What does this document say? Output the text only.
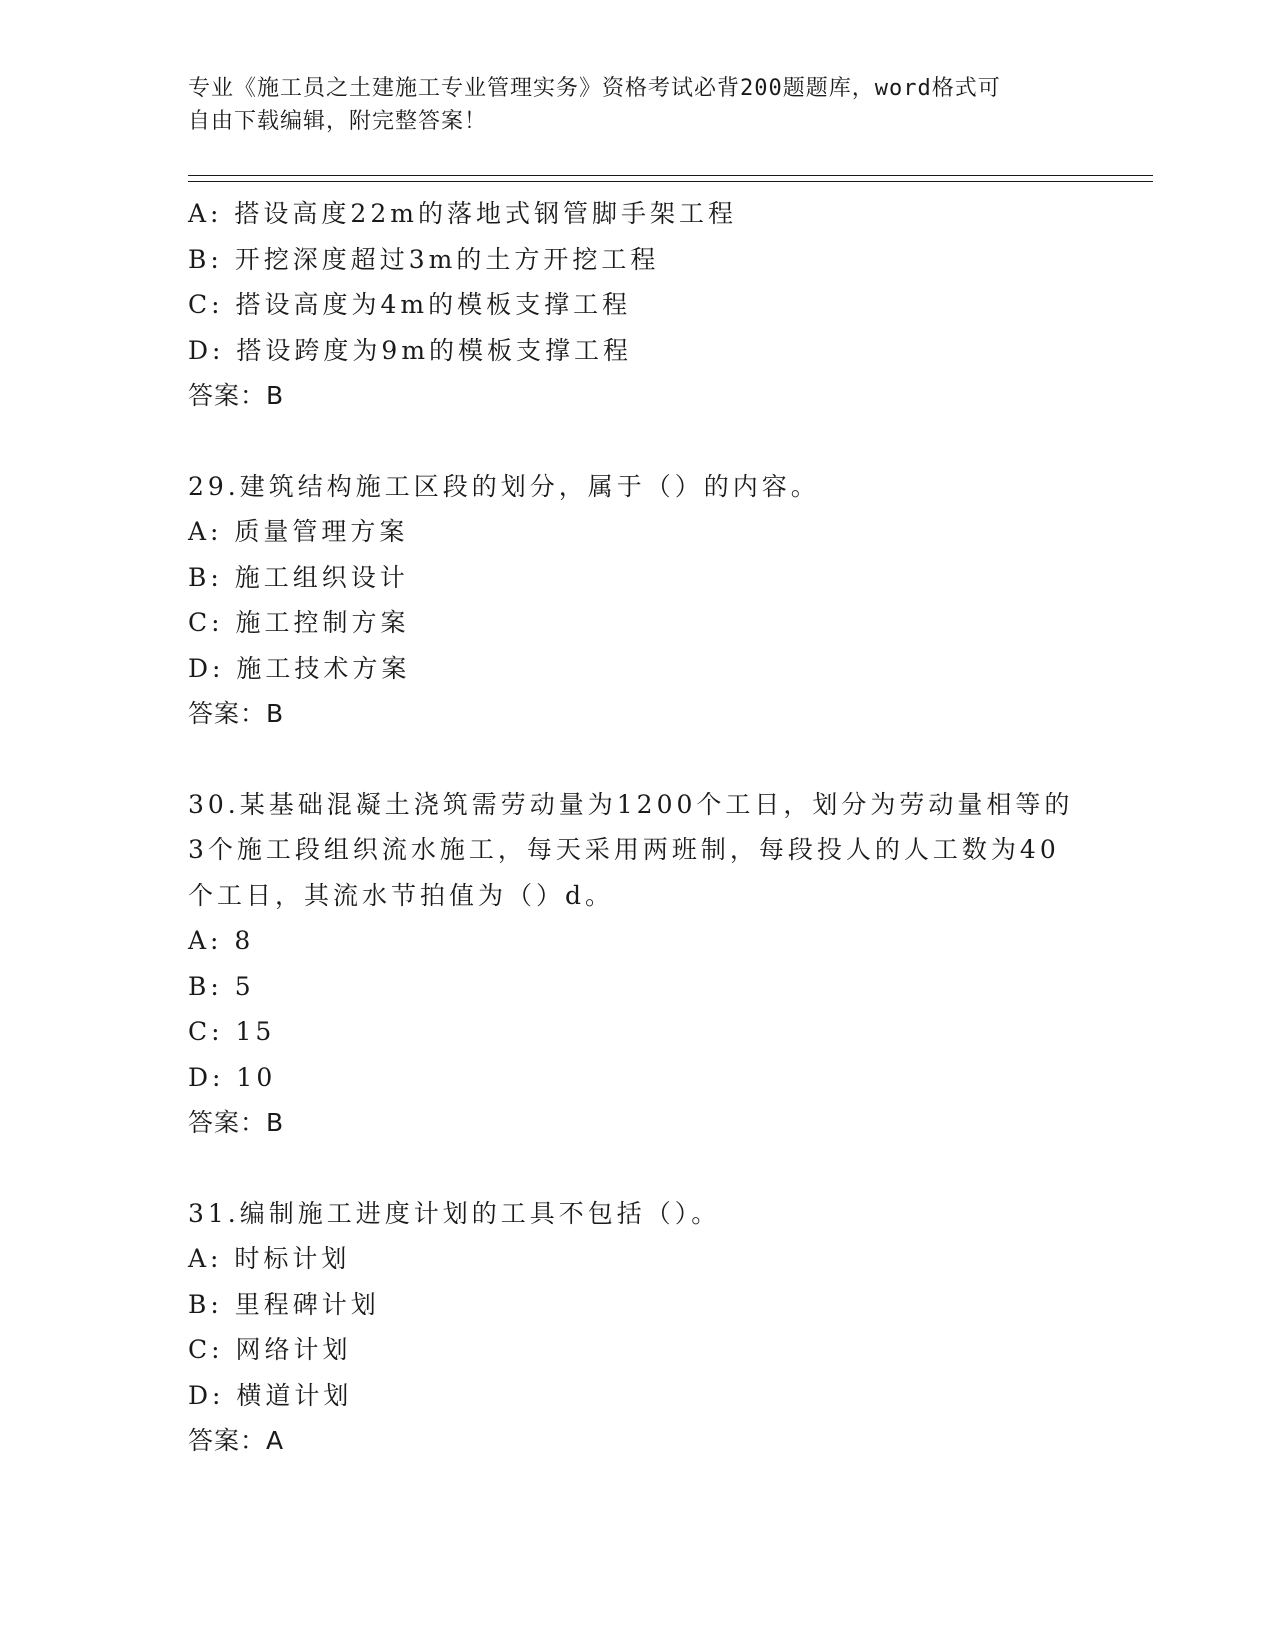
专业《施工员之土建施工专业管理实务》资格考试必背200题题库，word格式可
自由下载编辑，附完整答案！
A: 搭设高度22m的落地式钢管脚手架工程
B: 开挖深度超过3m的土方开挖工程
C: 搭设高度为4m的模板支撑工程
D: 搭设跨度为9m的模板支撑工程
答案：B
29.建筑结构施工区段的划分，属于（）的内容。
A: 质量管理方案
B: 施工组织设计
C: 施工控制方案
D: 施工技术方案
答案：B
30.某基础混凝土浇筑需劳动量为1200个工日，划分为劳动量相等的
3个施工段组织流水施工，每天采用两班制，每段投人的人工数为40
个工日，其流水节拍值为（）d。
A: 8
B: 5
C: 15
D: 10
答案：B
31.编制施工进度计划的工具不包括（）。
A: 时标计划
B: 里程碑计划
C: 网络计划
D: 横道计划
答案：A
